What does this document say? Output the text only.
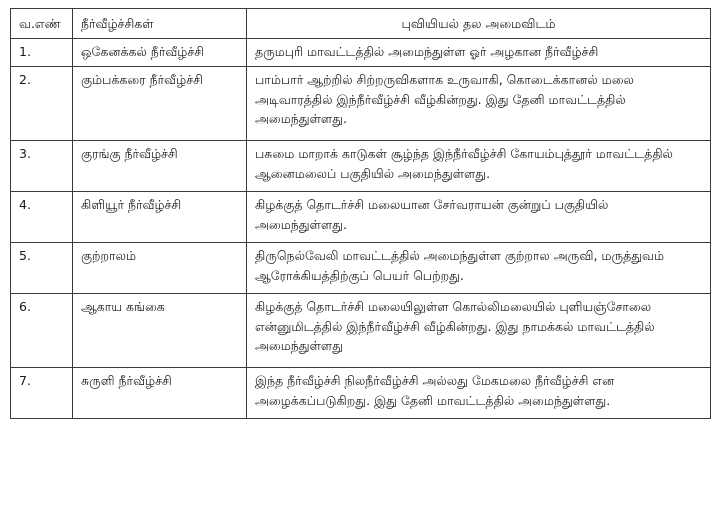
வ.எண்	நீர்வீழ்ச்சிகள்	புவியியல் தல அமைவிடம்
1.	ஒகேனக்கல் நீர்வீழ்ச்சி	தருமபுரி மாவட்டத்தில் அமைந்துள்ள ஓர் அழகான நீர்வீழ்ச்சி
2.	கும்பக்கரை நீர்வீழ்ச்சி	பாம்பார் ஆற்றில் சிற்றருவிகளாக உருவாகி, கொடைக்கானல் மலை அடிவாரத்தில் இந்நீர்வீழ்ச்சி வீழ்கின்றது. இது தேனி மாவட்டத்தில் அமைந்துள்ளது.
3.	குரங்கு நீர்வீழ்ச்சி	பசுமை மாறாக் காடுகள் சூழ்ந்த இந்நீர்வீழ்ச்சி கோயம்புத்தூர் மாவட்டத்தில் ஆனைமலைப் பகுதியில் அமைந்துள்ளது.
4.	கிளியூர் நீர்வீழ்ச்சி	கிழக்குத் தொடர்ச்சி மலையான சேர்வராயன் குன்றுப் பகுதியில் அமைந்துள்ளது.
5.	குற்றாலம்	திருநெல்வேலி மாவட்டத்தில் அமைந்துள்ள குற்றால அருவி, மருத்துவம் ஆரோக்கியத்திற்குப் பெயர் பெற்றது.
6.	ஆகாய கங்கை	கிழக்குத் தொடர்ச்சி மலையிலுள்ள கொல்லிமலையில் புளியஞ்சோலை என்னுமிடத்தில் இந்நீர்வீழ்ச்சி வீழ்கின்றது. இது நாமக்கல் மாவட்டத்தில் அமைந்துள்ளது
7.	சுருளி நீர்வீழ்ச்சி	இந்த நீர்வீழ்ச்சி நிலநீர்வீழ்ச்சி அல்லது மேகமலை நீர்வீழ்ச்சி என அழைக்கப்படுகிறது. இது தேனி மாவட்டத்தில் அமைந்துள்ளது.
